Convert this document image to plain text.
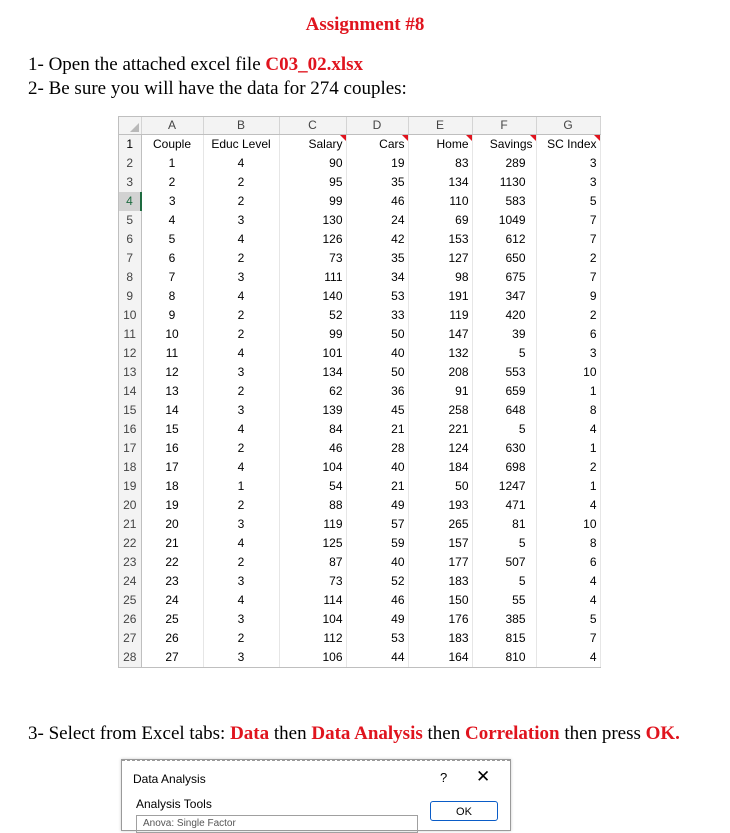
Assignment #8
1- Open the attached excel file C03_02.xlsx
2- Be sure you will have the data for 274 couples:
	A	B	C	D	E	F	G
1	Couple	Educ Level	Salary	Cars	Home	Savings	SC Index
2	1	4	90	19	83	289	3
3	2	2	95	35	134	1130	3
4	3	2	99	46	110	583	5
5	4	3	130	24	69	1049	7
6	5	4	126	42	153	612	7
7	6	2	73	35	127	650	2
8	7	3	111	34	98	675	7
9	8	4	140	53	191	347	9
10	9	2	52	33	119	420	2
11	10	2	99	50	147	39	6
12	11	4	101	40	132	5	3
13	12	3	134	50	208	553	10
14	13	2	62	36	91	659	1
15	14	3	139	45	258	648	8
16	15	4	84	21	221	5	4
17	16	2	46	28	124	630	1
18	17	4	104	40	184	698	2
19	18	1	54	21	50	1247	1
20	19	2	88	49	193	471	4
21	20	3	119	57	265	81	10
22	21	4	125	59	157	5	8
23	22	2	87	40	177	507	6
24	23	3	73	52	183	5	4
25	24	4	114	46	150	55	4
26	25	3	104	49	176	385	5
27	26	2	112	53	183	815	7
28	27	3	106	44	164	810	4
3- Select from Excel tabs: Data then Data Analysis then Correlation then press OK.
Data Analysis	? ✕
Analysis Tools
OK
Anova: Single Factor
